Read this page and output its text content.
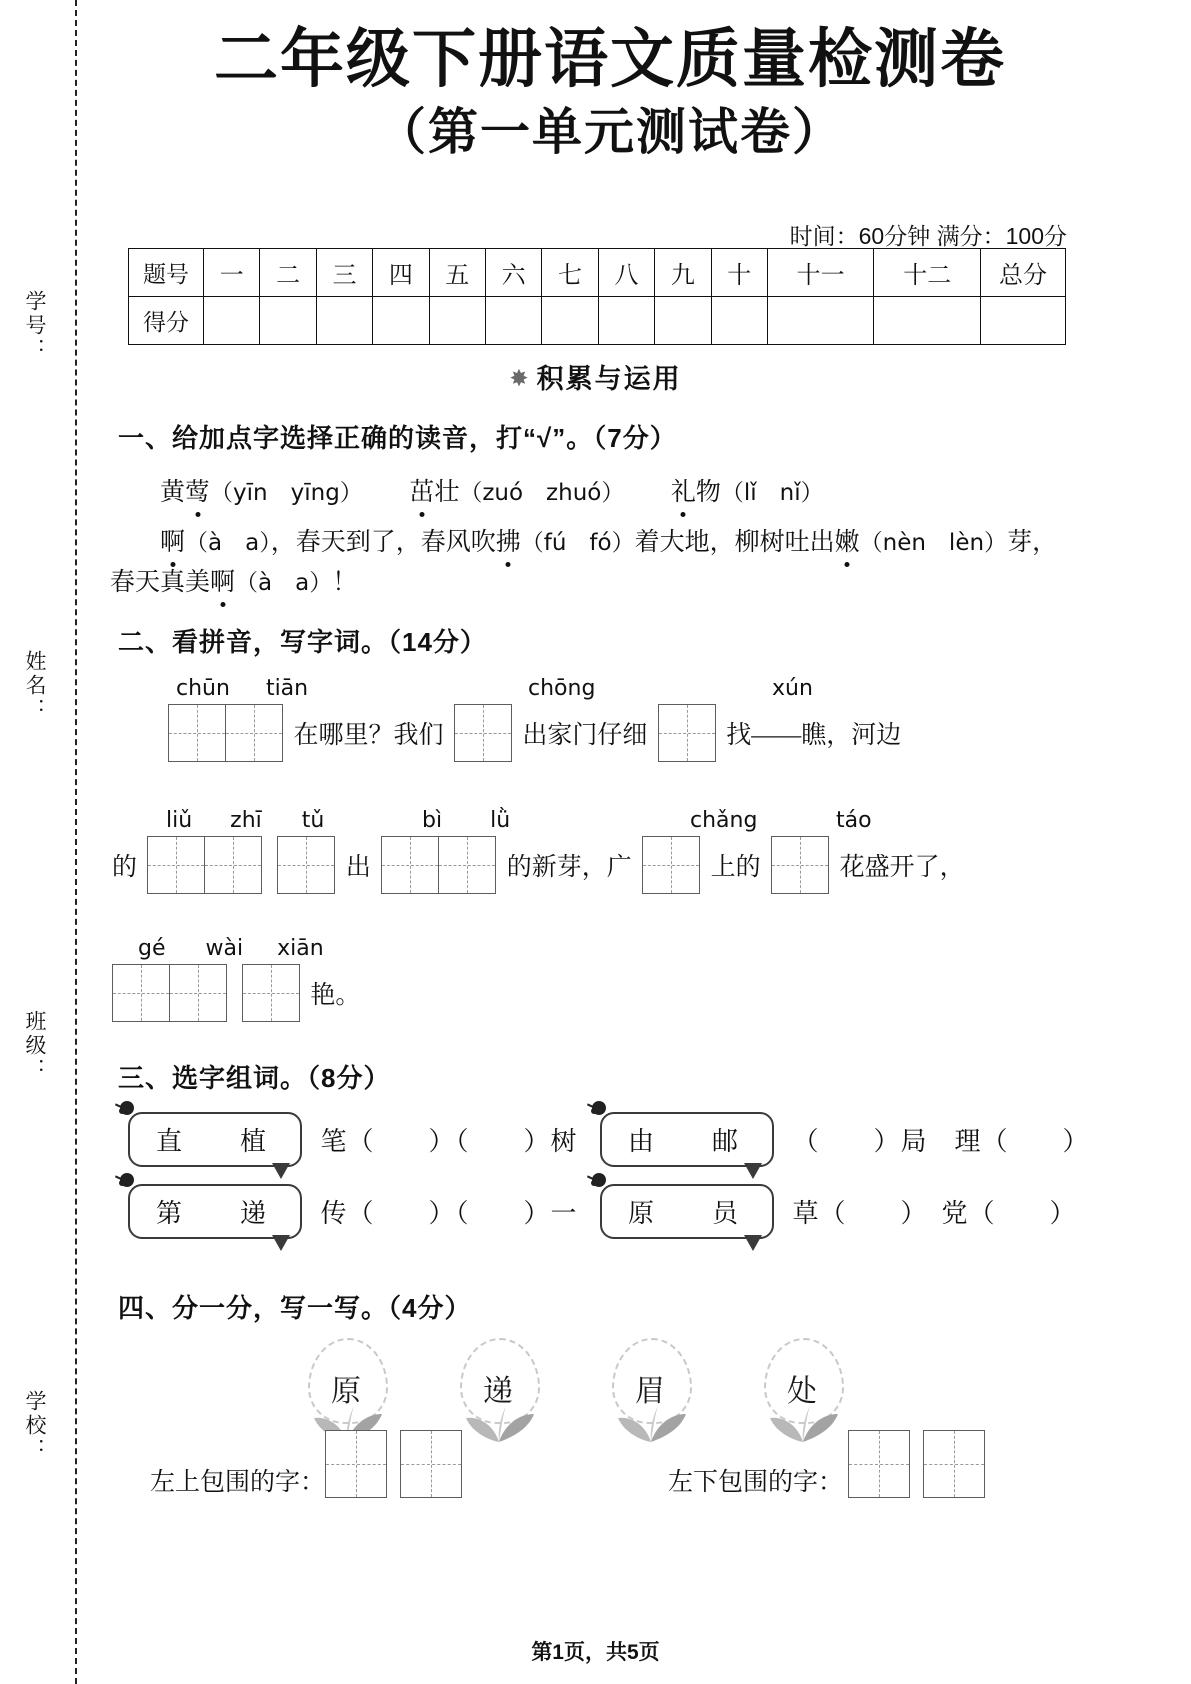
学号：
姓名：
班级：
学校：
二年级下册语文质量检测卷
（第一单元测试卷）
时间：60分钟 满分：100分
题号	一	二	三	四	五	六	七	八	九	十	十一	十二	总分
得分													
✸ 积累与运用
一、给加点字选择正确的读音，打“√”。（7分）
黄莺（yīn　yīng） 茁壮（zuó　zhuó） 礼物（lǐ　nǐ）
啊（à　a），春天到了，春风吹拂（fú　fó）着大地，柳树吐出嫩（nèn　lèn）芽，
春天真美啊（à　a）！
二、看拼音，写字词。（14分）
chūn tiān	chōng	xún
在哪里？我们	出家门仔细	找——瞧，河边
liǔ zhī tǔ	bì lǜ	chǎng	táo
的	出	的新芽，广	上的	花盛开了，
gé wài xiān
艳。
三、选字组词。（8分）
直　植 笔（　　）（　　）树	由　邮 （　　）局　理（　　）
第　递 传（　　）（　　）一	原　员 草（　　）　党（　　）
四、分一分，写一写。（4分）
原	递	眉	处
左上包围的字：
	左下包围的字：

第1页，共5页
